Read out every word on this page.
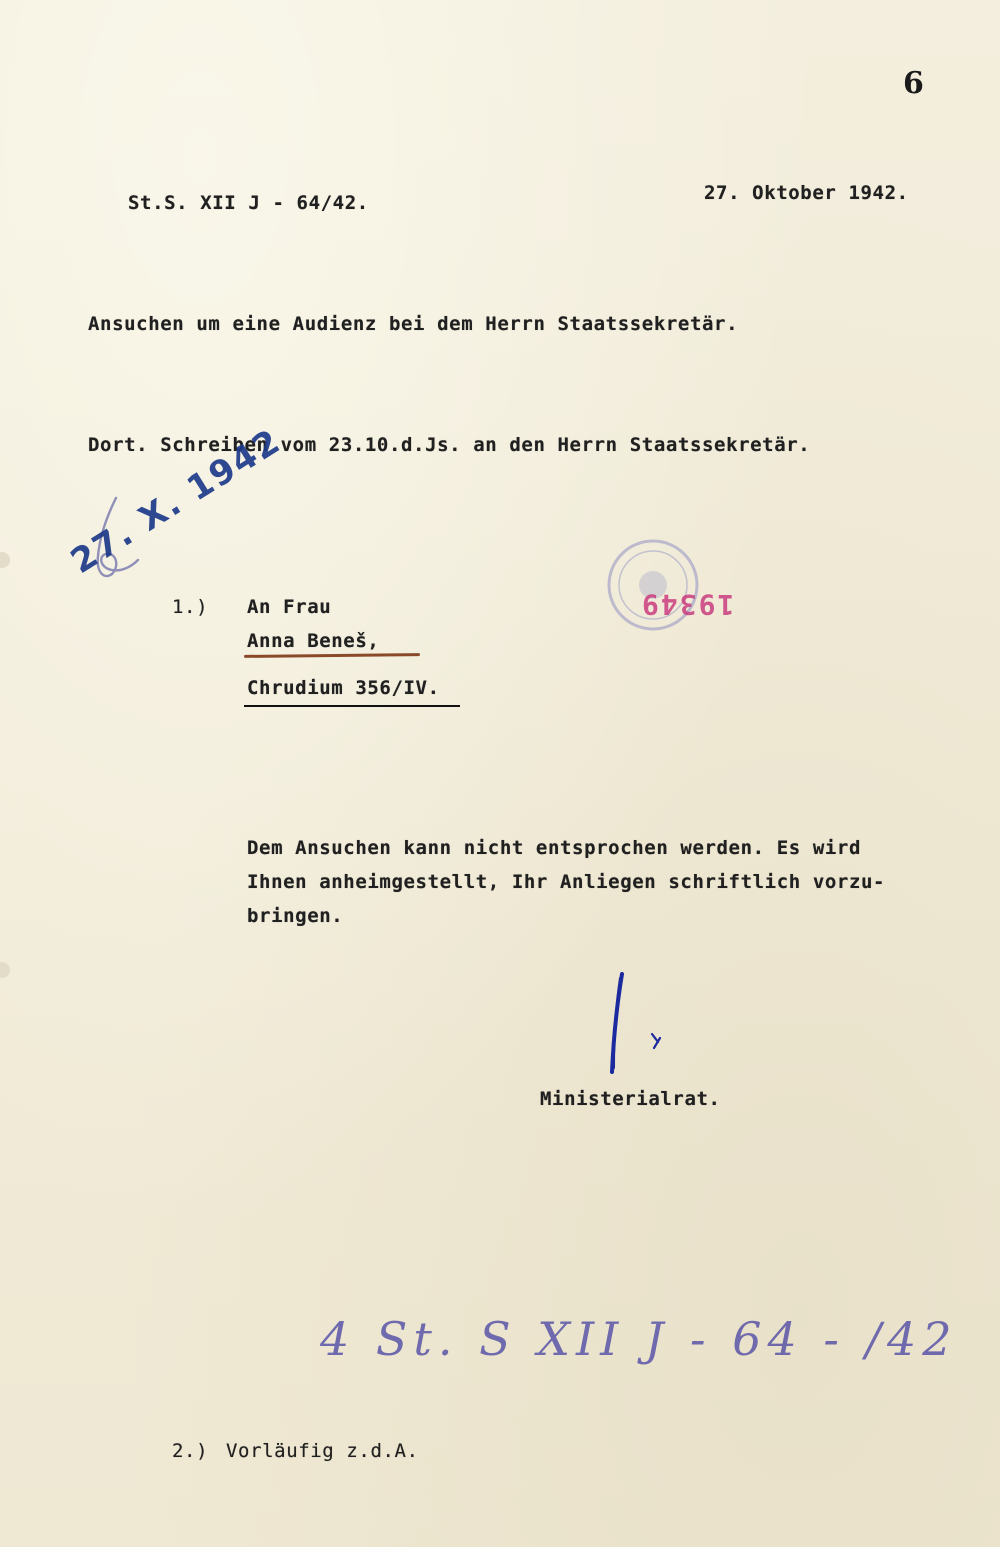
6
St.S. XII J - 64/42.	27. Oktober 1942.
Ansuchen um eine Audienz bei dem Herrn Staatssekretär.
Dort. Schreiben vom 23.10.d.Js. an den Herrn Staatssekretär.
27. X. 1942
19349
1.) An Frau
Anna Beneš,
Chrudium 356/IV.
Dem Ansuchen kann nicht entsprochen werden. Es wird
Ihnen anheimgestellt, Ihr Anliegen schriftlich vorzu-
bringen.
Ministerialrat.
4 St. S XII J - 64 - /42
2.) Vorläufig z.d.A.
